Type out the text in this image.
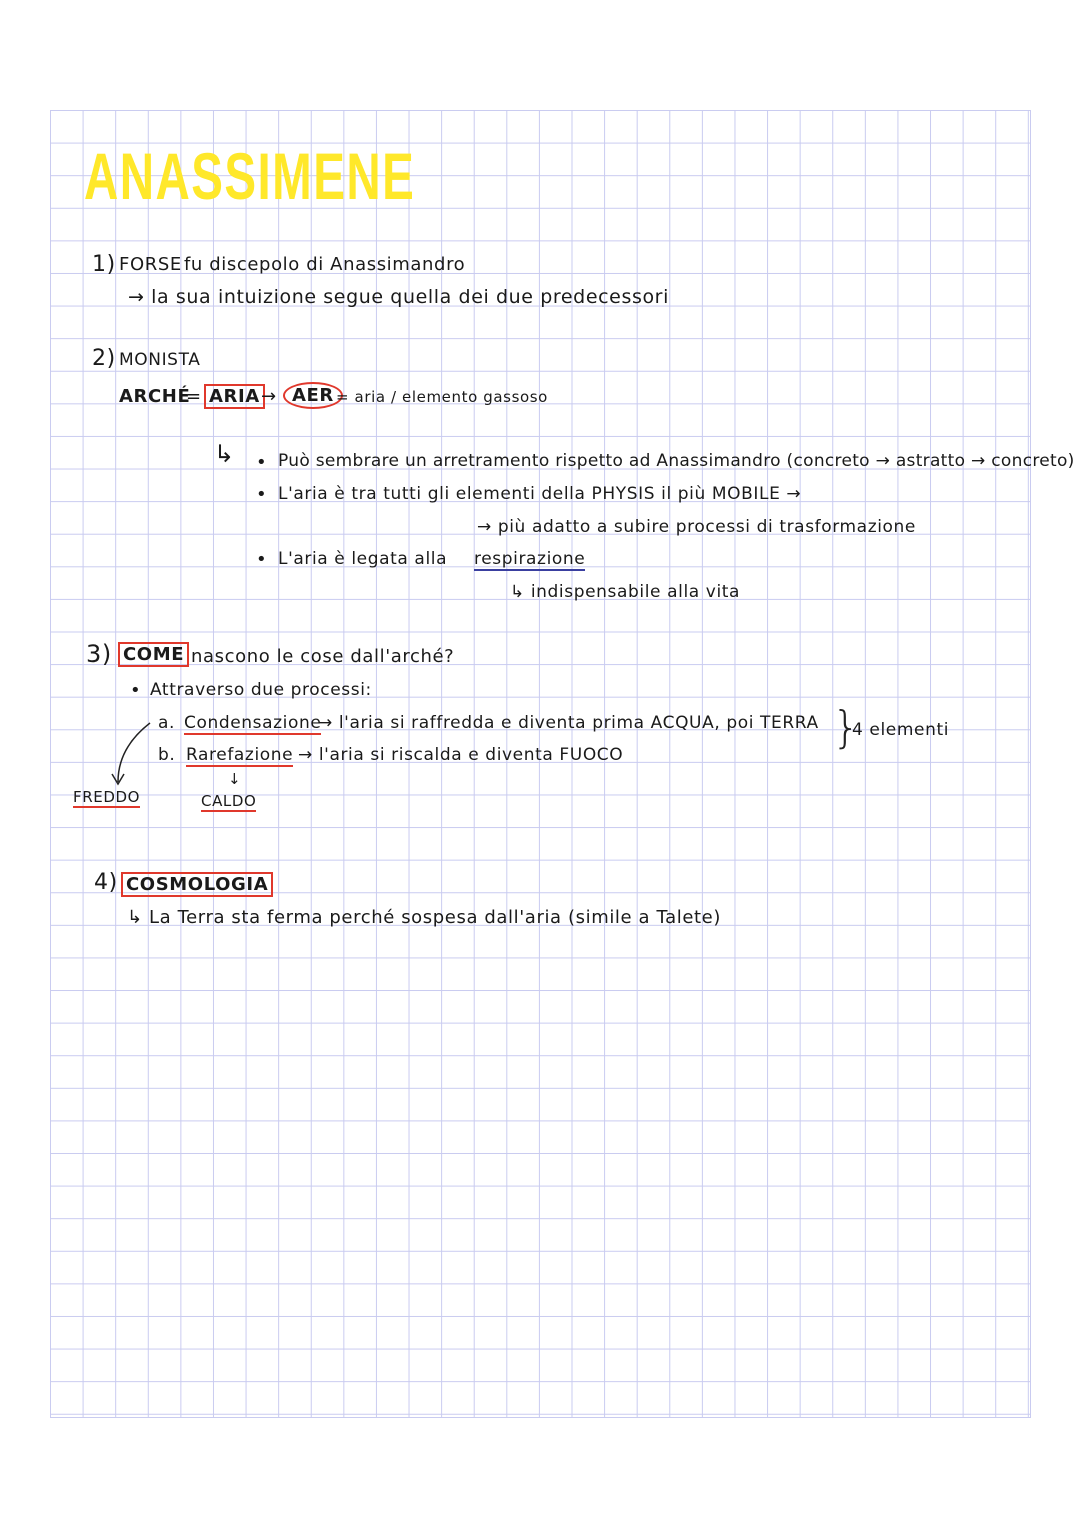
ANASSIMENE
1) FORSE fu discepolo di Anassimandro
→ la sua intuizione segue quella dei due predecessori
2) MONISTA
ARCHÉ
= ARIA → AER = aria / elemento gassoso
↳ • Può sembrare un arretramento rispetto ad Anassimandro (concreto → astratto → concreto)
• L'aria è tra tutti gli elementi della PHYSIS il più MOBILE →
→ più adatto a subire processi di trasformazione
• L'aria è legata alla respirazione
↳ indispensabile alla vita
3) COME nascono le cose dall'arché?
• Attraverso due processi:
a. Condensazione
→ l'aria si raffredda e diventa prima ACQUA, poi TERRA
b. Rarefazione → l'aria si riscalda e diventa FUOCO
}
4 elementi
FREDDO
↓
CALDO
4) COSMOLOGIA
↳ La Terra sta ferma perché sospesa dall'aria (simile a Talete)
